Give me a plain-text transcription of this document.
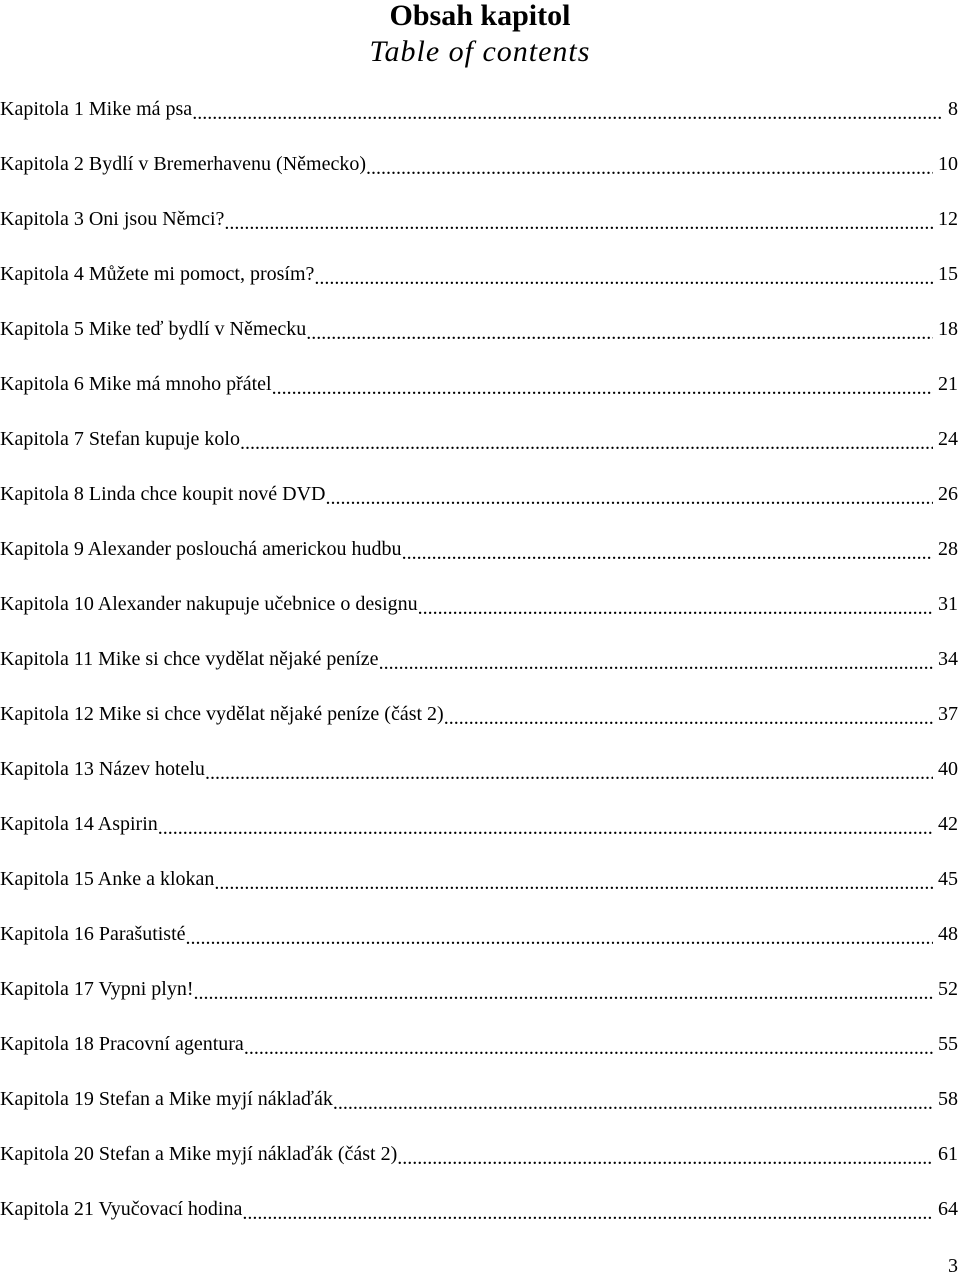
Obsah kapitol
Table of contents
Kapitola 1 Mike má psa .....	8
Kapitola 2 Bydlí v Bremerhavenu (Německo) .....	10
Kapitola 3 Oni jsou Němci? .....	12
Kapitola 4 Můžete mi pomoct, prosím? .....	15
Kapitola 5 Mike teď bydlí v Německu .....	18
Kapitola 6 Mike má mnoho přátel .....	21
Kapitola 7 Stefan kupuje kolo .....	24
Kapitola 8 Linda chce koupit nové DVD .....	26
Kapitola 9 Alexander poslouchá americkou hudbu .....	28
Kapitola 10 Alexander nakupuje učebnice o designu .....	31
Kapitola 11 Mike si chce vydělat nějaké peníze .....	34
Kapitola 12 Mike si chce vydělat nějaké peníze (část 2) .....	37
Kapitola 13 Název hotelu .....	40
Kapitola 14 Aspirin .....	42
Kapitola 15 Anke a klokan .....	45
Kapitola 16 Parašutisté .....	48
Kapitola 17 Vypni plyn! .....	52
Kapitola 18 Pracovní agentura .....	55
Kapitola 19 Stefan a Mike myjí náklaďák .....	58
Kapitola 20 Stefan a Mike myjí náklaďák (část 2) .....	61
Kapitola 21 Vyučovací hodina .....	64
3
